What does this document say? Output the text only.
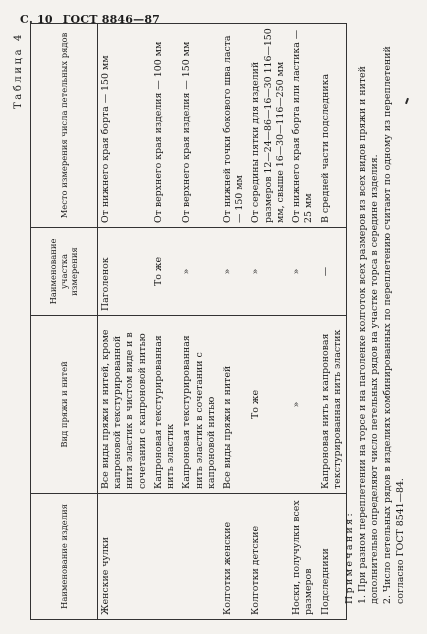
С. 10 ГОСТ 8846—87
Таблица 4
Наименование изделия	Вид пряжи и нитей	Наименование участка измерения	Место измерения числа петельных рядов
Женские чулки	Все виды пряжи и нитей, кроме капроновой текстурированной нити эластик в чистом виде и в сочетании с капроновой нитью	Паголенок	От нижнего края борта — 150 мм
	Капроновая текстурированная нить эластик	То же	От верхнего края изделия — 100 мм
	Капроновая текстурированная нить эластик в сочетании с капроновой нитью	»	От верхнего края изделия — 150 мм
Колготки женские	Все виды пряжи и нитей	»	От нижней точки бокового шва ласта — 150 мм
Колготки детские	То же	»	От середины пятки для изделий размеров 12—24—86—16—30 116—150 мм, свыше 16—30—116—250 мм
Носки, получулки всех размеров	»	»	От нижнего края борта или ластика — 25 мм
Подследники	Капроновая нить и капроновая текстурированная нить эластик	—	В средней части подследника

Примечания: 1. При разном переплетении на торсе и на паголенке колготок всех размеров из всех видов пряжи и нитей дополнительно определяют число петельных рядов на участке торса в середине изделия. 2. Число петельных рядов в изделиях комбинированных по переплетению считают по одному из переплетений согласно ГОСТ 8541—84.
